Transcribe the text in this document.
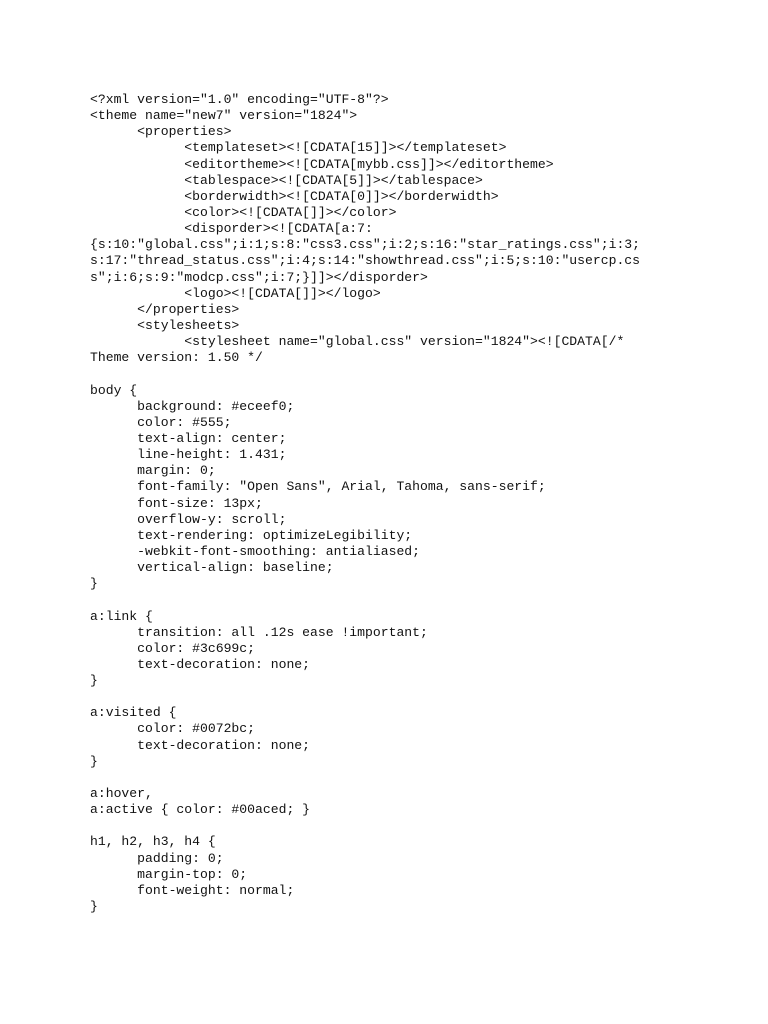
<?xml version="1.0" encoding="UTF-8"?>
<theme name="new7" version="1824">
<properties>
<templateset><![CDATA[15]]></templateset>
<editortheme><![CDATA[mybb.css]]></editortheme>
<tablespace><![CDATA[5]]></tablespace>
<borderwidth><![CDATA[0]]></borderwidth>
<color><![CDATA[]]></color>
<disporder><![CDATA[a:7:
{s:10:"global.css";i:1;s:8:"css3.css";i:2;s:16:"star_ratings.css";i:3;
s:17:"thread_status.css";i:4;s:14:"showthread.css";i:5;s:10:"usercp.cs
s";i:6;s:9:"modcp.css";i:7;}]]></disporder>
<logo><![CDATA[]]></logo>
</properties>
<stylesheets>
<stylesheet name="global.css" version="1824"><![CDATA[/*
Theme version: 1.50 */
body {
background: #eceef0;
color: #555;
text-align: center;
line-height: 1.431;
margin: 0;
font-family: "Open Sans", Arial, Tahoma, sans-serif;
font-size: 13px;
overflow-y: scroll;
text-rendering: optimizeLegibility;
-webkit-font-smoothing: antialiased;
vertical-align: baseline;
}
a:link {
transition: all .12s ease !important;
color: #3c699c;
text-decoration: none;
}
a:visited {
color: #0072bc;
text-decoration: none;
}
a:hover,
a:active { color: #00aced; }
h1, h2, h3, h4 {
padding: 0;
margin-top: 0;
font-weight: normal;
}
